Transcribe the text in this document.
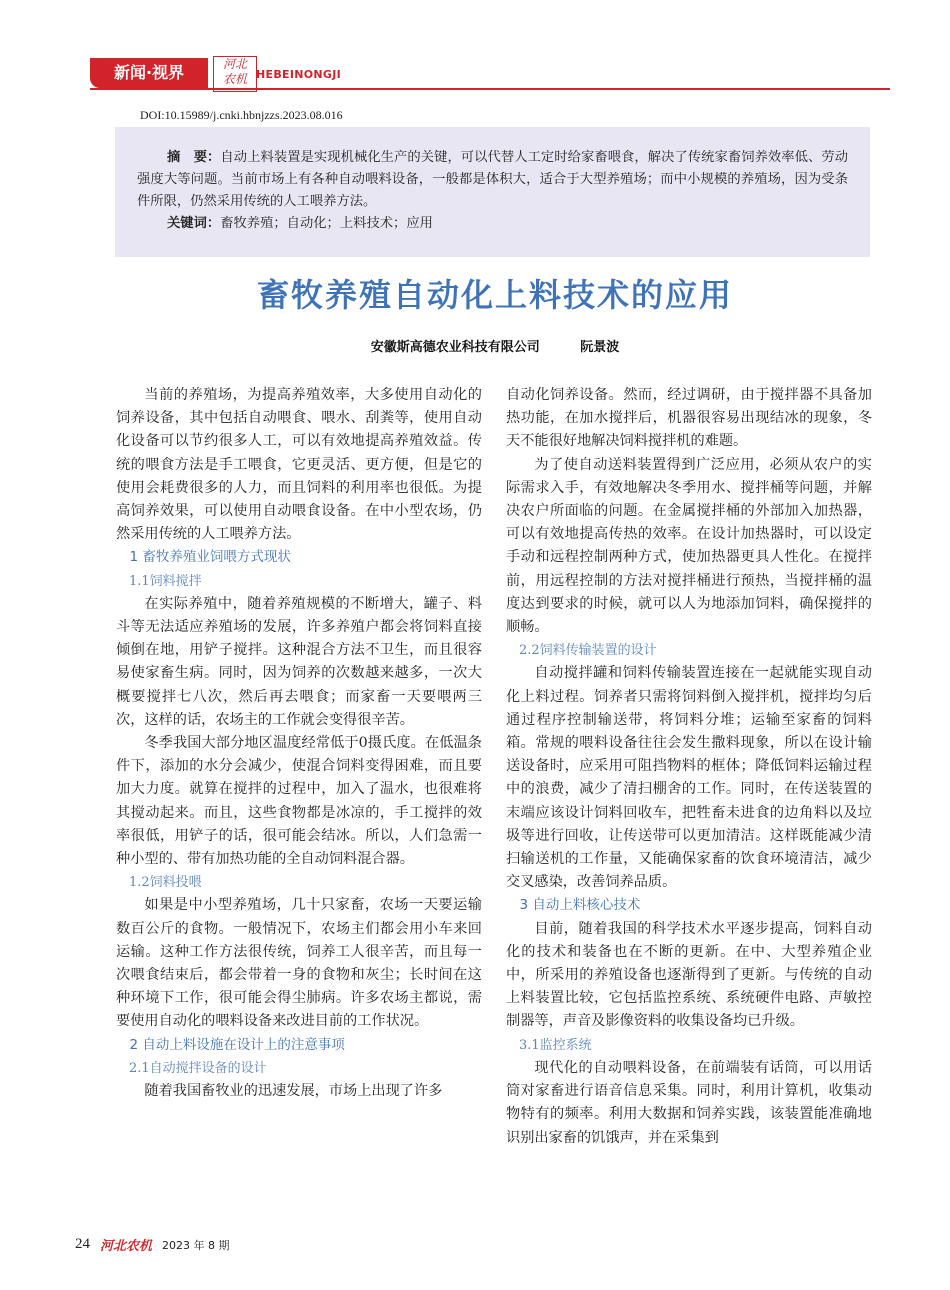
新闻·视界	河北
农机 HEBEINONGJI
DOI:10.15989/j.cnki.hbnjzzs.2023.08.016

摘　要：自动上料装置是实现机械化生产的关键，可以代替人工定时给家畜喂食，解决了传统家畜饲养效率低、劳动强度大等问题。当前市场上有各种自动喂料设备，一般都是体积大，适合于大型养殖场；而中小规模的养殖场，因为受条件所限，仍然采用传统的人工喂养方法。

关键词：畜牧养殖；自动化；上料技术；应用

畜牧养殖自动化上料技术的应用
安徽斯高德农业科技有限公司	阮景波

当前的养殖场，为提高养殖效率，大多使用自动化的饲养设备，其中包括自动喂食、喂水、刮粪等，使用自动化设备可以节约很多人工，可以有效地提高养殖效益。传统的喂食方法是手工喂食，它更灵活、更方便，但是它的使用会耗费很多的人力，而且饲料的利用率也很低。为提高饲养效果，可以使用自动喂食设备。在中小型农场，仍然采用传统的人工喂养方法。

1 畜牧养殖业饲喂方式现状

1.1饲料搅拌

在实际养殖中，随着养殖规模的不断增大，罐子、料斗等无法适应养殖场的发展，许多养殖户都会将饲料直接倾倒在地，用铲子搅拌。这种混合方法不卫生，而且很容易使家畜生病。同时，因为饲养的次数越来越多，一次大概要搅拌七八次，然后再去喂食；而家畜一天要喂两三次，这样的话，农场主的工作就会变得很辛苦。

冬季我国大部分地区温度经常低于0摄氏度。在低温条件下，添加的水分会减少，使混合饲料变得困难，而且要加大力度。就算在搅拌的过程中，加入了温水，也很难将其搅动起来。而且，这些食物都是冰凉的，手工搅拌的效率很低，用铲子的话，很可能会结冰。所以，人们急需一种小型的、带有加热功能的全自动饲料混合器。

1.2饲料投喂

如果是中小型养殖场，几十只家畜，农场一天要运输数百公斤的食物。一般情况下，农场主们都会用小车来回运输。这种工作方法很传统，饲养工人很辛苦，而且每一次喂食结束后，都会带着一身的食物和灰尘；长时间在这种环境下工作，很可能会得尘肺病。许多农场主都说，需要使用自动化的喂料设备来改进目前的工作状况。

2 自动上料设施在设计上的注意事项

2.1自动搅拌设备的设计

随着我国畜牧业的迅速发展，市场上出现了许多

自动化饲养设备。然而，经过调研，由于搅拌器不具备加热功能，在加水搅拌后，机器很容易出现结冰的现象，冬天不能很好地解决饲料搅拌机的难题。

为了使自动送料装置得到广泛应用，必须从农户的实际需求入手，有效地解决冬季用水、搅拌桶等问题，并解决农户所面临的问题。在金属搅拌桶的外部加入加热器，可以有效地提高传热的效率。在设计加热器时，可以设定手动和远程控制两种方式，使加热器更具人性化。在搅拌前，用远程控制的方法对搅拌桶进行预热，当搅拌桶的温度达到要求的时候，就可以人为地添加饲料，确保搅拌的顺畅。

2.2饲料传输装置的设计

自动搅拌罐和饲料传输装置连接在一起就能实现自动化上料过程。饲养者只需将饲料倒入搅拌机，搅拌均匀后通过程序控制输送带，将饲料分堆；运输至家畜的饲料箱。常规的喂料设备往往会发生撒料现象，所以在设计输送设备时，应采用可阻挡物料的框体；降低饲料运输过程中的浪费，减少了清扫棚舍的工作。同时，在传送装置的末端应该设计饲料回收车，把牲畜未进食的边角料以及垃圾等进行回收，让传送带可以更加清洁。这样既能减少清扫输送机的工作量，又能确保家畜的饮食环境清洁，减少交叉感染，改善饲养品质。

3 自动上料核心技术

目前，随着我国的科学技术水平逐步提高，饲料自动化的技术和装备也在不断的更新。在中、大型养殖企业中，所采用的养殖设备也逐渐得到了更新。与传统的自动上料装置比较，它包括监控系统、系统硬件电路、声敏控制器等，声音及影像资料的收集设备均已升级。

3.1监控系统

现代化的自动喂料设备，在前端装有话筒，可以用话筒对家畜进行语音信息采集。同时，利用计算机，收集动物特有的频率。利用大数据和饲养实践，该装置能准确地识别出家畜的饥饿声，并在采集到

24 河北农机 2023 年 8 期
